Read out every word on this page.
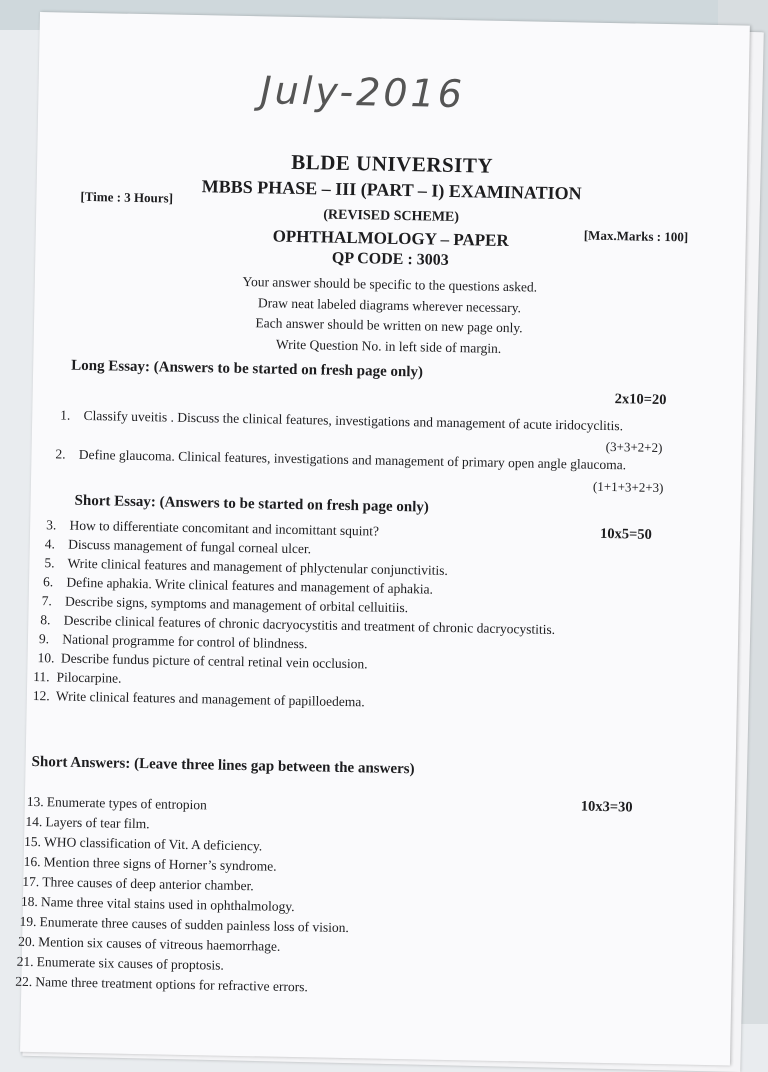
July-2016
BLDE UNIVERSITY
MBBS PHASE – III (PART – I) EXAMINATION
[Time : 3 Hours]
(REVISED SCHEME)
[Max.Marks : 100]
OPHTHALMOLOGY – PAPER
QP CODE : 3003
Your answer should be specific to the questions asked.
Draw neat labeled diagrams wherever necessary.
Each answer should be written on new page only.
Write Question No. in left side of margin.
Long Essay: (Answers to be started on fresh page only)
2x10=20
1. Classify uveitis . Discuss the clinical features, investigations and management of acute iridocyclitis.
(3+3+2+2)
2. Define glaucoma. Clinical features, investigations and management of primary open angle glaucoma.
(1+1+3+2+3)
Short Essay: (Answers to be started on fresh page only)
10x5=50
3. How to differentiate concomitant and incomittant squint?
4. Discuss management of fungal corneal ulcer.
5. Write clinical features and management of phlyctenular conjunctivitis.
6. Define aphakia. Write clinical features and management of aphakia.
7. Describe signs, symptoms and management of orbital celluitiis.
8. Describe clinical features of chronic dacryocystitis and treatment of chronic dacryocystitis.
9. National programme for control of blindness.
10. Describe fundus picture of central retinal vein occlusion.
11. Pilocarpine.
12. Write clinical features and management of papilloedema.
Short Answers: (Leave three lines gap between the answers)
10x3=30
13. Enumerate types of entropion
14. Layers of tear film.
15. WHO classification of Vit. A deficiency.
16. Mention three signs of Horner’s syndrome.
17. Three causes of deep anterior chamber.
18. Name three vital stains used in ophthalmology.
19. Enumerate three causes of sudden painless loss of vision.
20. Mention six causes of vitreous haemorrhage.
21. Enumerate six causes of proptosis.
22. Name three treatment options for refractive errors.
